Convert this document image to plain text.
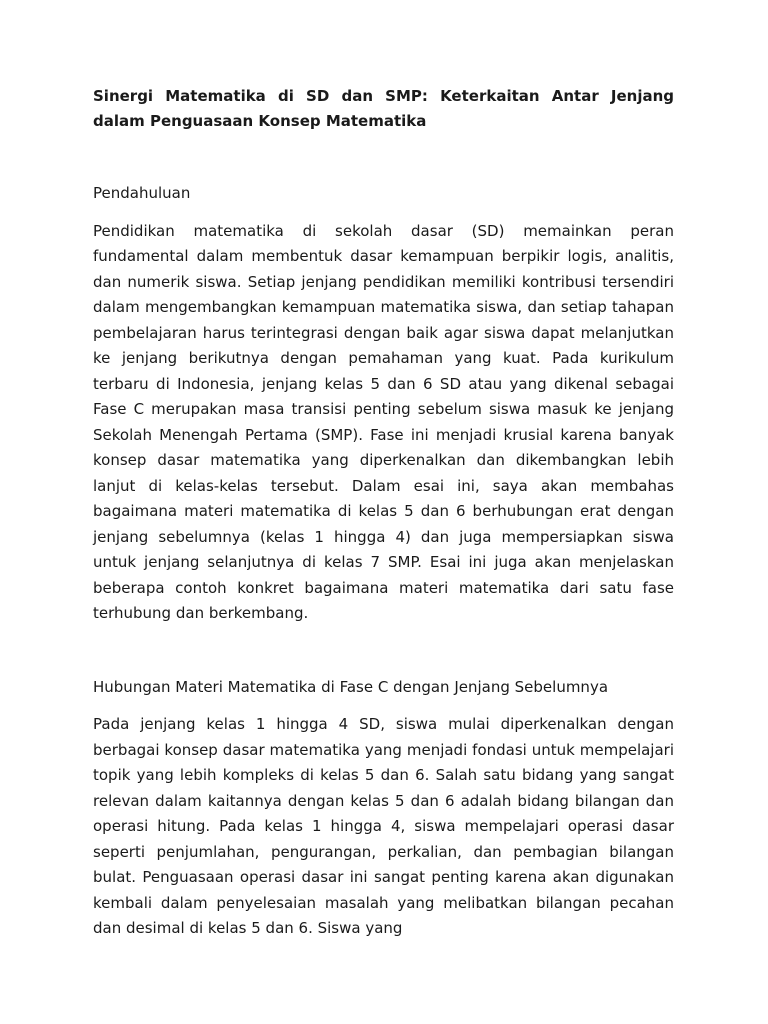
Sinergi Matematika di SD dan SMP: Keterkaitan Antar Jenjang dalam Penguasaan Konsep Matematika

Pendahuluan

Pendidikan matematika di sekolah dasar (SD) memainkan peran fundamental dalam membentuk dasar kemampuan berpikir logis, analitis, dan numerik siswa. Setiap jenjang pendidikan memiliki kontribusi tersendiri dalam mengembangkan kemampuan matematika siswa, dan setiap tahapan pembelajaran harus terintegrasi dengan baik agar siswa dapat melanjutkan ke jenjang berikutnya dengan pemahaman yang kuat. Pada kurikulum terbaru di Indonesia, jenjang kelas 5 dan 6 SD atau yang dikenal sebagai Fase C merupakan masa transisi penting sebelum siswa masuk ke jenjang Sekolah Menengah Pertama (SMP). Fase ini menjadi krusial karena banyak konsep dasar matematika yang diperkenalkan dan dikembangkan lebih lanjut di kelas-kelas tersebut. Dalam esai ini, saya akan membahas bagaimana materi matematika di kelas 5 dan 6 berhubungan erat dengan jenjang sebelumnya (kelas 1 hingga 4) dan juga mempersiapkan siswa untuk jenjang selanjutnya di kelas 7 SMP. Esai ini juga akan menjelaskan beberapa contoh konkret bagaimana materi matematika dari satu fase terhubung dan berkembang.

Hubungan Materi Matematika di Fase C dengan Jenjang Sebelumnya

Pada jenjang kelas 1 hingga 4 SD, siswa mulai diperkenalkan dengan berbagai konsep dasar matematika yang menjadi fondasi untuk mempelajari topik yang lebih kompleks di kelas 5 dan 6. Salah satu bidang yang sangat relevan dalam kaitannya dengan kelas 5 dan 6 adalah bidang bilangan dan operasi hitung. Pada kelas 1 hingga 4, siswa mempelajari operasi dasar seperti penjumlahan, pengurangan, perkalian, dan pembagian bilangan bulat. Penguasaan operasi dasar ini sangat penting karena akan digunakan kembali dalam penyelesaian masalah yang melibatkan bilangan pecahan dan desimal di kelas 5 dan 6. Siswa yang
